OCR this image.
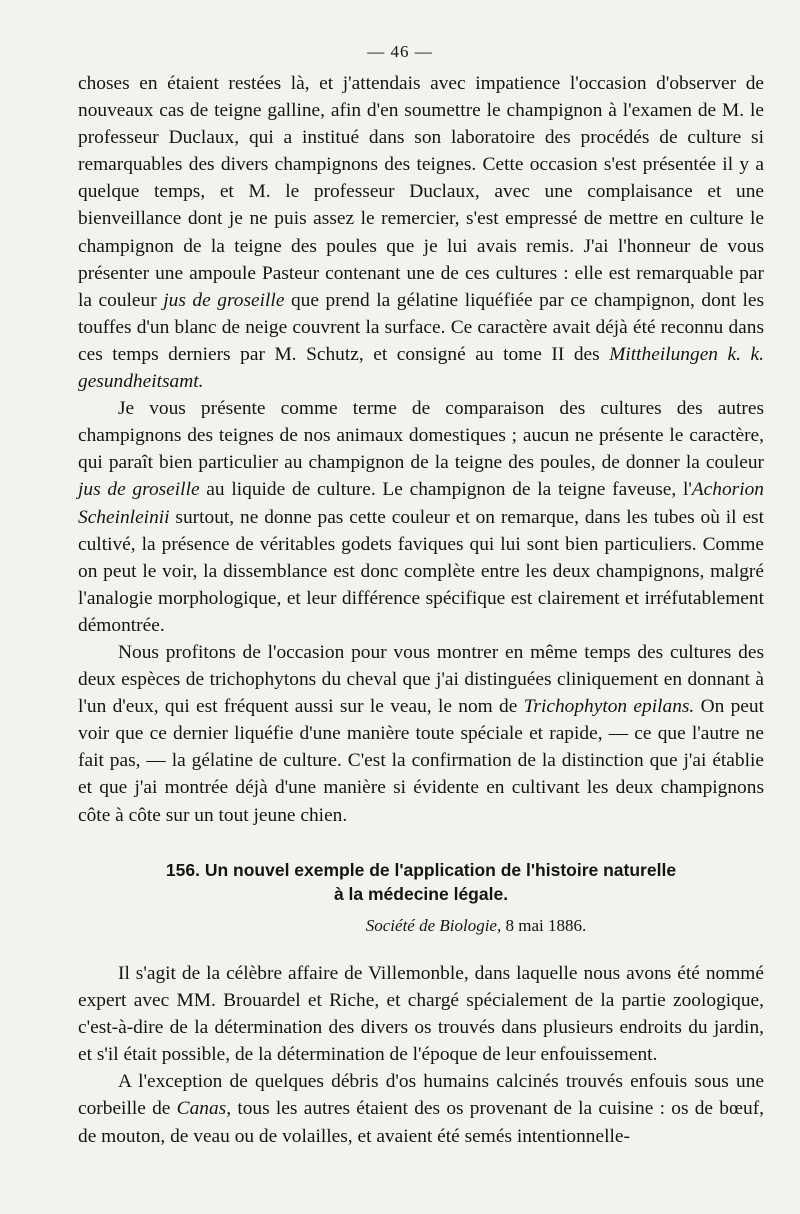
— 46 —

choses en étaient restées là, et j'attendais avec impatience l'occasion d'observer de nouveaux cas de teigne galline, afin d'en soumettre le champignon à l'examen de M. le professeur Duclaux, qui a institué dans son laboratoire des procédés de culture si remarquables des divers champignons des teignes. Cette occasion s'est présentée il y a quelque temps, et M. le professeur Duclaux, avec une complaisance et une bienveillance dont je ne puis assez le remercier, s'est empressé de mettre en culture le champignon de la teigne des poules que je lui avais remis. J'ai l'honneur de vous présenter une ampoule Pasteur contenant une de ces cultures : elle est remarquable par la couleur jus de groseille que prend la gélatine liquéfiée par ce champignon, dont les touffes d'un blanc de neige couvrent la surface. Ce caractère avait déjà été reconnu dans ces temps derniers par M. Schutz, et consigné au tome II des Mittheilungen k. k. gesundheitsamt.

Je vous présente comme terme de comparaison des cultures des autres champignons des teignes de nos animaux domestiques ; aucun ne présente le caractère, qui paraît bien particulier au champignon de la teigne des poules, de donner la couleur jus de groseille au liquide de culture. Le champignon de la teigne faveuse, l'Achorion Scheinleinii surtout, ne donne pas cette couleur et on remarque, dans les tubes où il est cultivé, la présence de véritables godets faviques qui lui sont bien particuliers. Comme on peut le voir, la dissemblance est donc complète entre les deux champignons, malgré l'analogie morphologique, et leur différence spécifique est clairement et irréfutablement démontrée.

Nous profitons de l'occasion pour vous montrer en même temps des cultures des deux espèces de trichophytons du cheval que j'ai distinguées cliniquement en donnant à l'un d'eux, qui est fréquent aussi sur le veau, le nom de Trichophyton epilans. On peut voir que ce dernier liquéfie d'une manière toute spéciale et rapide, — ce que l'autre ne fait pas, — la gélatine de culture. C'est la confirmation de la distinction que j'ai établie et que j'ai montrée déjà d'une manière si évidente en cultivant les deux champignons côte à côte sur un tout jeune chien.

156. Un nouvel exemple de l'application de l'histoire naturelle
à la médecine légale.

Société de Biologie, 8 mai 1886.

Il s'agit de la célèbre affaire de Villemonble, dans laquelle nous avons été nommé expert avec MM. Brouardel et Riche, et chargé spécialement de la partie zoologique, c'est-à-dire de la détermination des divers os trouvés dans plusieurs endroits du jardin, et s'il était possible, de la détermination de l'époque de leur enfouissement.

A l'exception de quelques débris d'os humains calcinés trouvés enfouis sous une corbeille de Canas, tous les autres étaient des os provenant de la cuisine : os de bœuf, de mouton, de veau ou de volailles, et avaient été semés intentionnelle-
